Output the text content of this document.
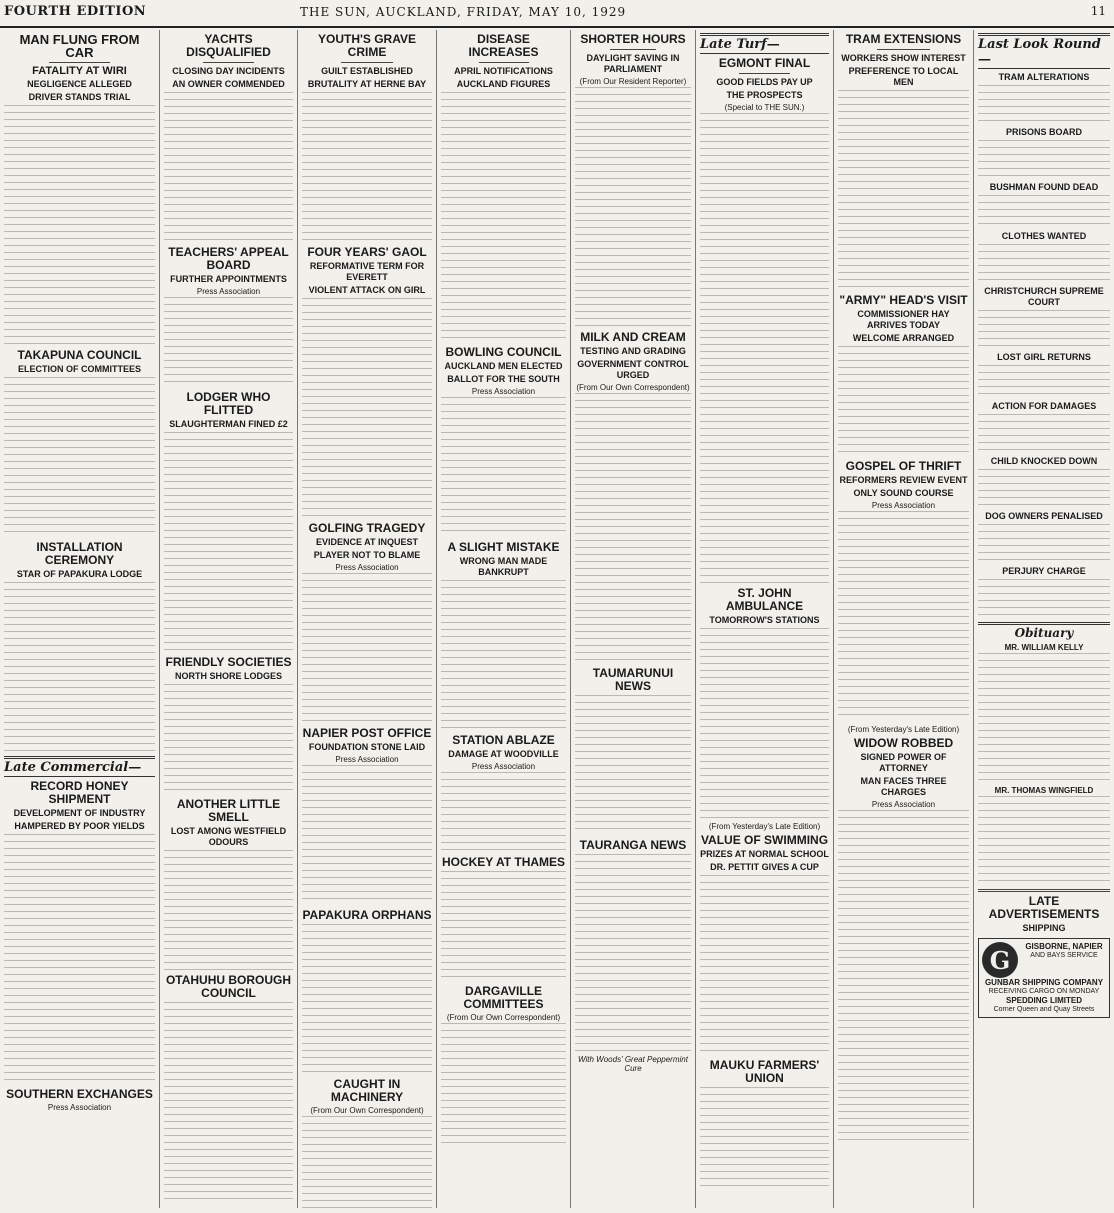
FOURTH EDITION	THE SUN, AUCKLAND, FRIDAY, MAY 10, 1929	11
MAN FLUNG FROM CAR
FATALITY AT WIRI
NEGLIGENCE ALLEGED
DRIVER STANDS TRIAL
TAKAPUNA COUNCIL
ELECTION OF COMMITTEES
INSTALLATION CEREMONY
STAR OF PAPAKURA LODGE
Late Commercial—
RECORD HONEY SHIPMENT
DEVELOPMENT OF INDUSTRY
HAMPERED BY POOR YIELDS
SOUTHERN EXCHANGES
Press Association
YACHTS DISQUALIFIED
CLOSING DAY INCIDENTS
AN OWNER COMMENDED
TEACHERS' APPEAL BOARD
FURTHER APPOINTMENTS
Press Association
LODGER WHO FLITTED
SLAUGHTERMAN FINED £2
FRIENDLY SOCIETIES
NORTH SHORE LODGES
ANOTHER LITTLE SMELL
LOST AMONG WESTFIELD ODOURS
OTAHUHU BOROUGH COUNCIL
YOUTH'S GRAVE CRIME
GUILT ESTABLISHED
BRUTALITY AT HERNE BAY
FOUR YEARS' GAOL
REFORMATIVE TERM FOR EVERETT
VIOLENT ATTACK ON GIRL
GOLFING TRAGEDY
EVIDENCE AT INQUEST
PLAYER NOT TO BLAME
Press Association
NAPIER POST OFFICE
FOUNDATION STONE LAID
Press Association
PAPAKURA ORPHANS
CAUGHT IN MACHINERY
(From Our Own Correspondent)
DISEASE INCREASES
APRIL NOTIFICATIONS
AUCKLAND FIGURES
BOWLING COUNCIL
AUCKLAND MEN ELECTED
BALLOT FOR THE SOUTH
Press Association
A SLIGHT MISTAKE
WRONG MAN MADE BANKRUPT
STATION ABLAZE
DAMAGE AT WOODVILLE
Press Association
HOCKEY AT THAMES
DARGAVILLE COMMITTEES
(From Our Own Correspondent)
SHORTER HOURS
DAYLIGHT SAVING IN PARLIAMENT
(From Our Resident Reporter)
MILK AND CREAM
TESTING AND GRADING
GOVERNMENT CONTROL URGED
(From Our Own Correspondent)
TAUMARUNUI NEWS
TAURANGA NEWS
With Woods' Great Peppermint Cure
Late Turf—
EGMONT FINAL
GOOD FIELDS PAY UP
THE PROSPECTS
(Special to THE SUN.)
ST. JOHN AMBULANCE
TOMORROW'S STATIONS
(From Yesterday's Late Edition)
VALUE OF SWIMMING
PRIZES AT NORMAL SCHOOL
DR. PETTIT GIVES A CUP
MAUKU FARMERS' UNION
TRAM EXTENSIONS
WORKERS SHOW INTEREST
PREFERENCE TO LOCAL MEN
"ARMY" HEAD'S VISIT
COMMISSIONER HAY ARRIVES TODAY
WELCOME ARRANGED
GOSPEL OF THRIFT
REFORMERS REVIEW EVENT
ONLY SOUND COURSE
Press Association
(From Yesterday's Late Edition)
WIDOW ROBBED
SIGNED POWER OF ATTORNEY
MAN FACES THREE CHARGES
Press Association
Last Look Round—
TRAM ALTERATIONS
PRISONS BOARD
BUSHMAN FOUND DEAD
CLOTHES WANTED
CHRISTCHURCH SUPREME COURT
LOST GIRL RETURNS
ACTION FOR DAMAGES
CHILD KNOCKED DOWN
DOG OWNERS PENALISED
PERJURY CHARGE
Obituary
MR. WILLIAM KELLY
MR. THOMAS WINGFIELD
LATE ADVERTISEMENTS
SHIPPING
G	GISBORNE, NAPIER
AND BAYS SERVICE
GUNBAR SHIPPING COMPANY
RECEIVING CARGO ON MONDAY
SPEDDING LIMITED
Corner Queen and Quay Streets
